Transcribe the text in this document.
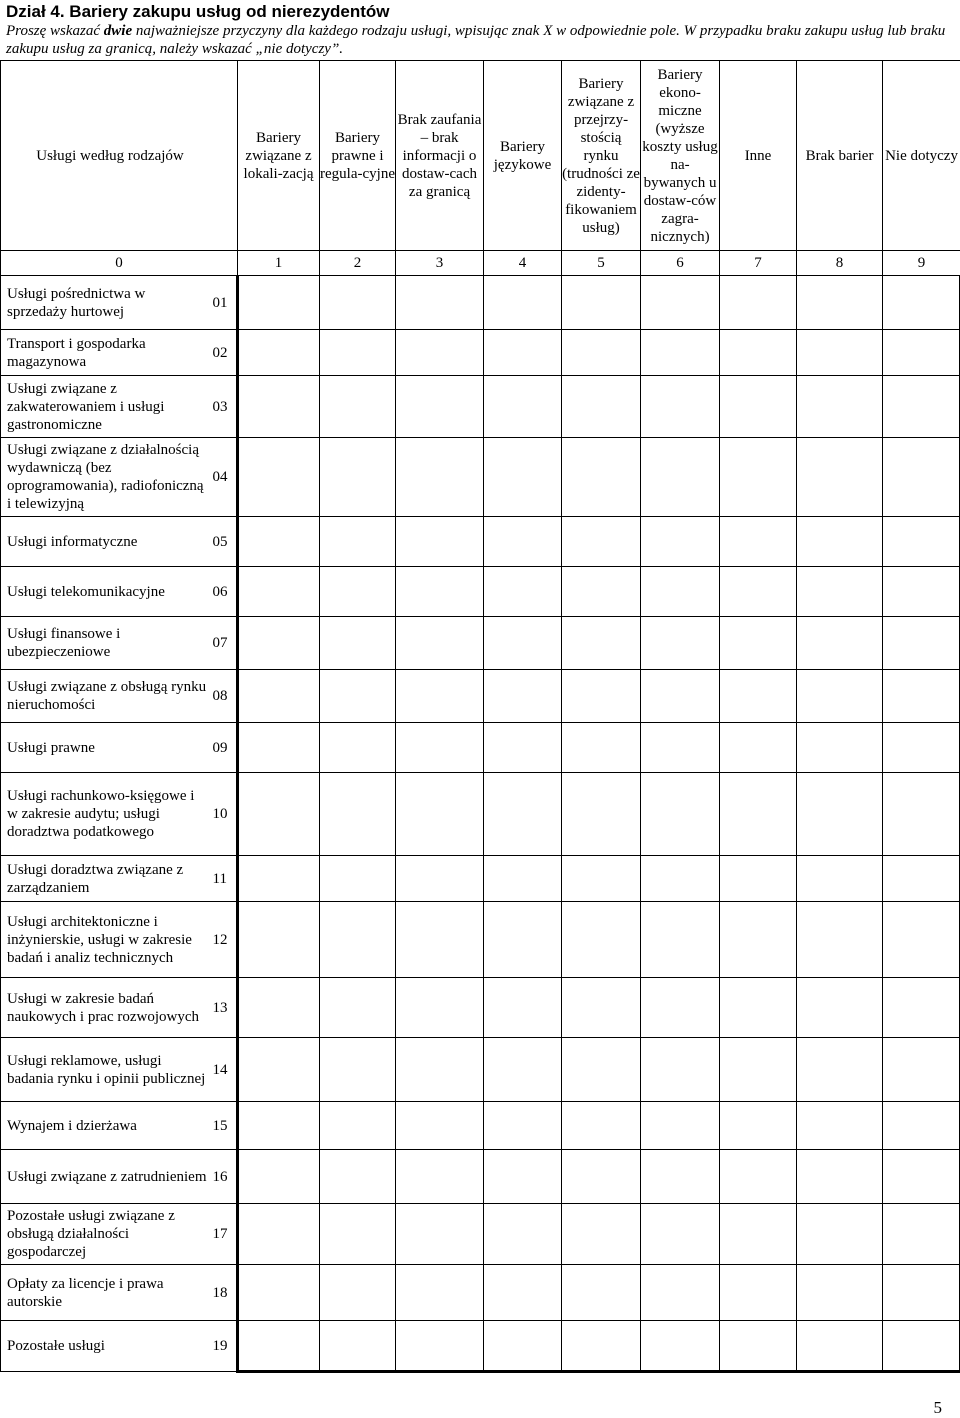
Dział 4. Bariery zakupu usług od nierezydentów
Proszę wskazać dwie najważniejsze przyczyny dla każdego rodzaju usługi, wpisując znak X w odpowiednie pole. W przypadku braku zakupu usług lub braku zakupu usług za granicą, należy wskazać „nie dotyczy”.
Usługi według rodzajów		Bariery związane z lokali-zacją	Bariery prawne i regula-cyjne	Brak zaufania – brak informacji o dostaw-cach za granicą	Bariery językowe	Bariery związane z przejrzy-stością rynku (trudności ze zidenty-fikowaniem usług)	Bariery ekono-miczne (wyższe koszty usług na-bywanych u dostaw-ców zagra-nicznych)	Inne	Brak barier	Nie dotyczy
0		1	2	3	4	5	6	7	8	9
Usługi pośrednictwa w sprzedaży hurtowej	01									
Transport i gospodarka magazynowa	02									
Usługi związane z zakwaterowaniem i usługi gastronomiczne	03									
Usługi związane z działalnością wydawniczą (bez oprogramowania), radiofoniczną i telewizyjną	04									
Usługi informatyczne	05									
Usługi telekomunikacyjne	06									
Usługi finansowe i ubezpieczeniowe	07									
Usługi związane z obsługą rynku nieruchomości	08									
Usługi prawne	09									
Usługi rachunkowo-księgowe i w zakresie audytu; usługi doradztwa podatkowego	10									
Usługi doradztwa związane z zarządzaniem	11									
Usługi architektoniczne i inżynierskie, usługi w zakresie badań i analiz technicznych	12									
Usługi w zakresie badań naukowych i prac rozwojowych	13									
Usługi reklamowe, usługi badania rynku i opinii publicznej	14									
Wynajem i dzierżawa	15									
Usługi związane z zatrudnieniem	16									
Pozostałe usługi związane z obsługą działalności gospodarczej	17									
Opłaty za licencje i prawa autorskie	18									
Pozostałe usługi	19									
5
